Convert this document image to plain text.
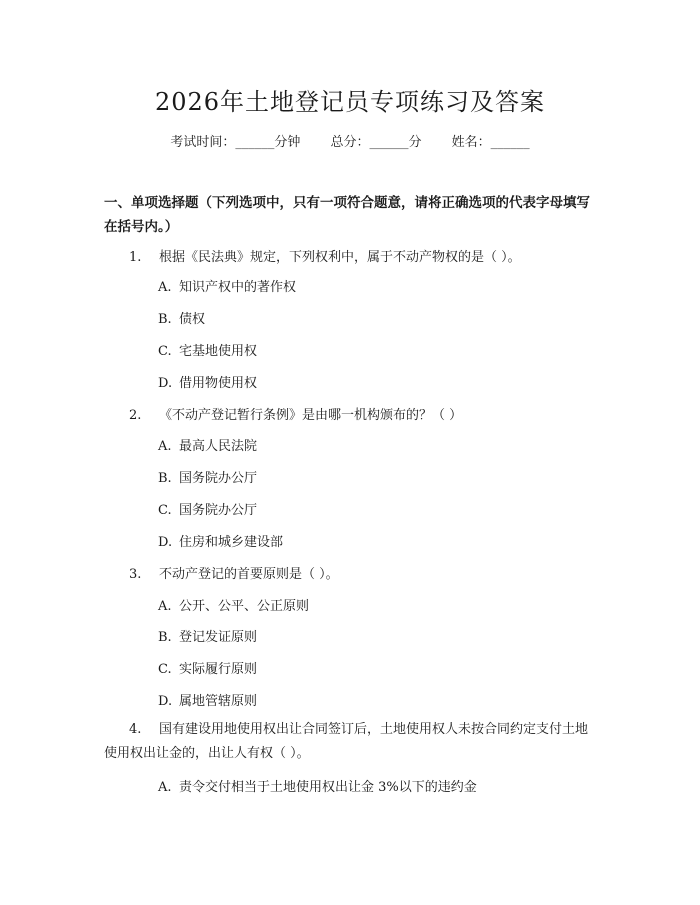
2026年土地登记员专项练习及答案
考试时间：______分钟 总分：______分 姓名：______
一、单项选择题（下列选项中，只有一项符合题意，请将正确选项的代表字母填写在括号内。）
1. 根据《民法典》规定，下列权利中，属于不动产物权的是（ ）。
A. 知识产权中的著作权
B. 债权
C. 宅基地使用权
D. 借用物使用权
2. 《不动产登记暂行条例》是由哪一机构颁布的？（ ）
A. 最高人民法院
B. 国务院办公厅
C. 国务院办公厅
D. 住房和城乡建设部
3. 不动产登记的首要原则是（ ）。
A. 公开、公平、公正原则
B. 登记发证原则
C. 实际履行原则
D. 属地管辖原则
4. 国有建设用地使用权出让合同签订后，土地使用权人未按合同约定支付土地使用权出让金的，出让人有权（ ）。
A. 责令交付相当于土地使用权出让金 3%以下的违约金
